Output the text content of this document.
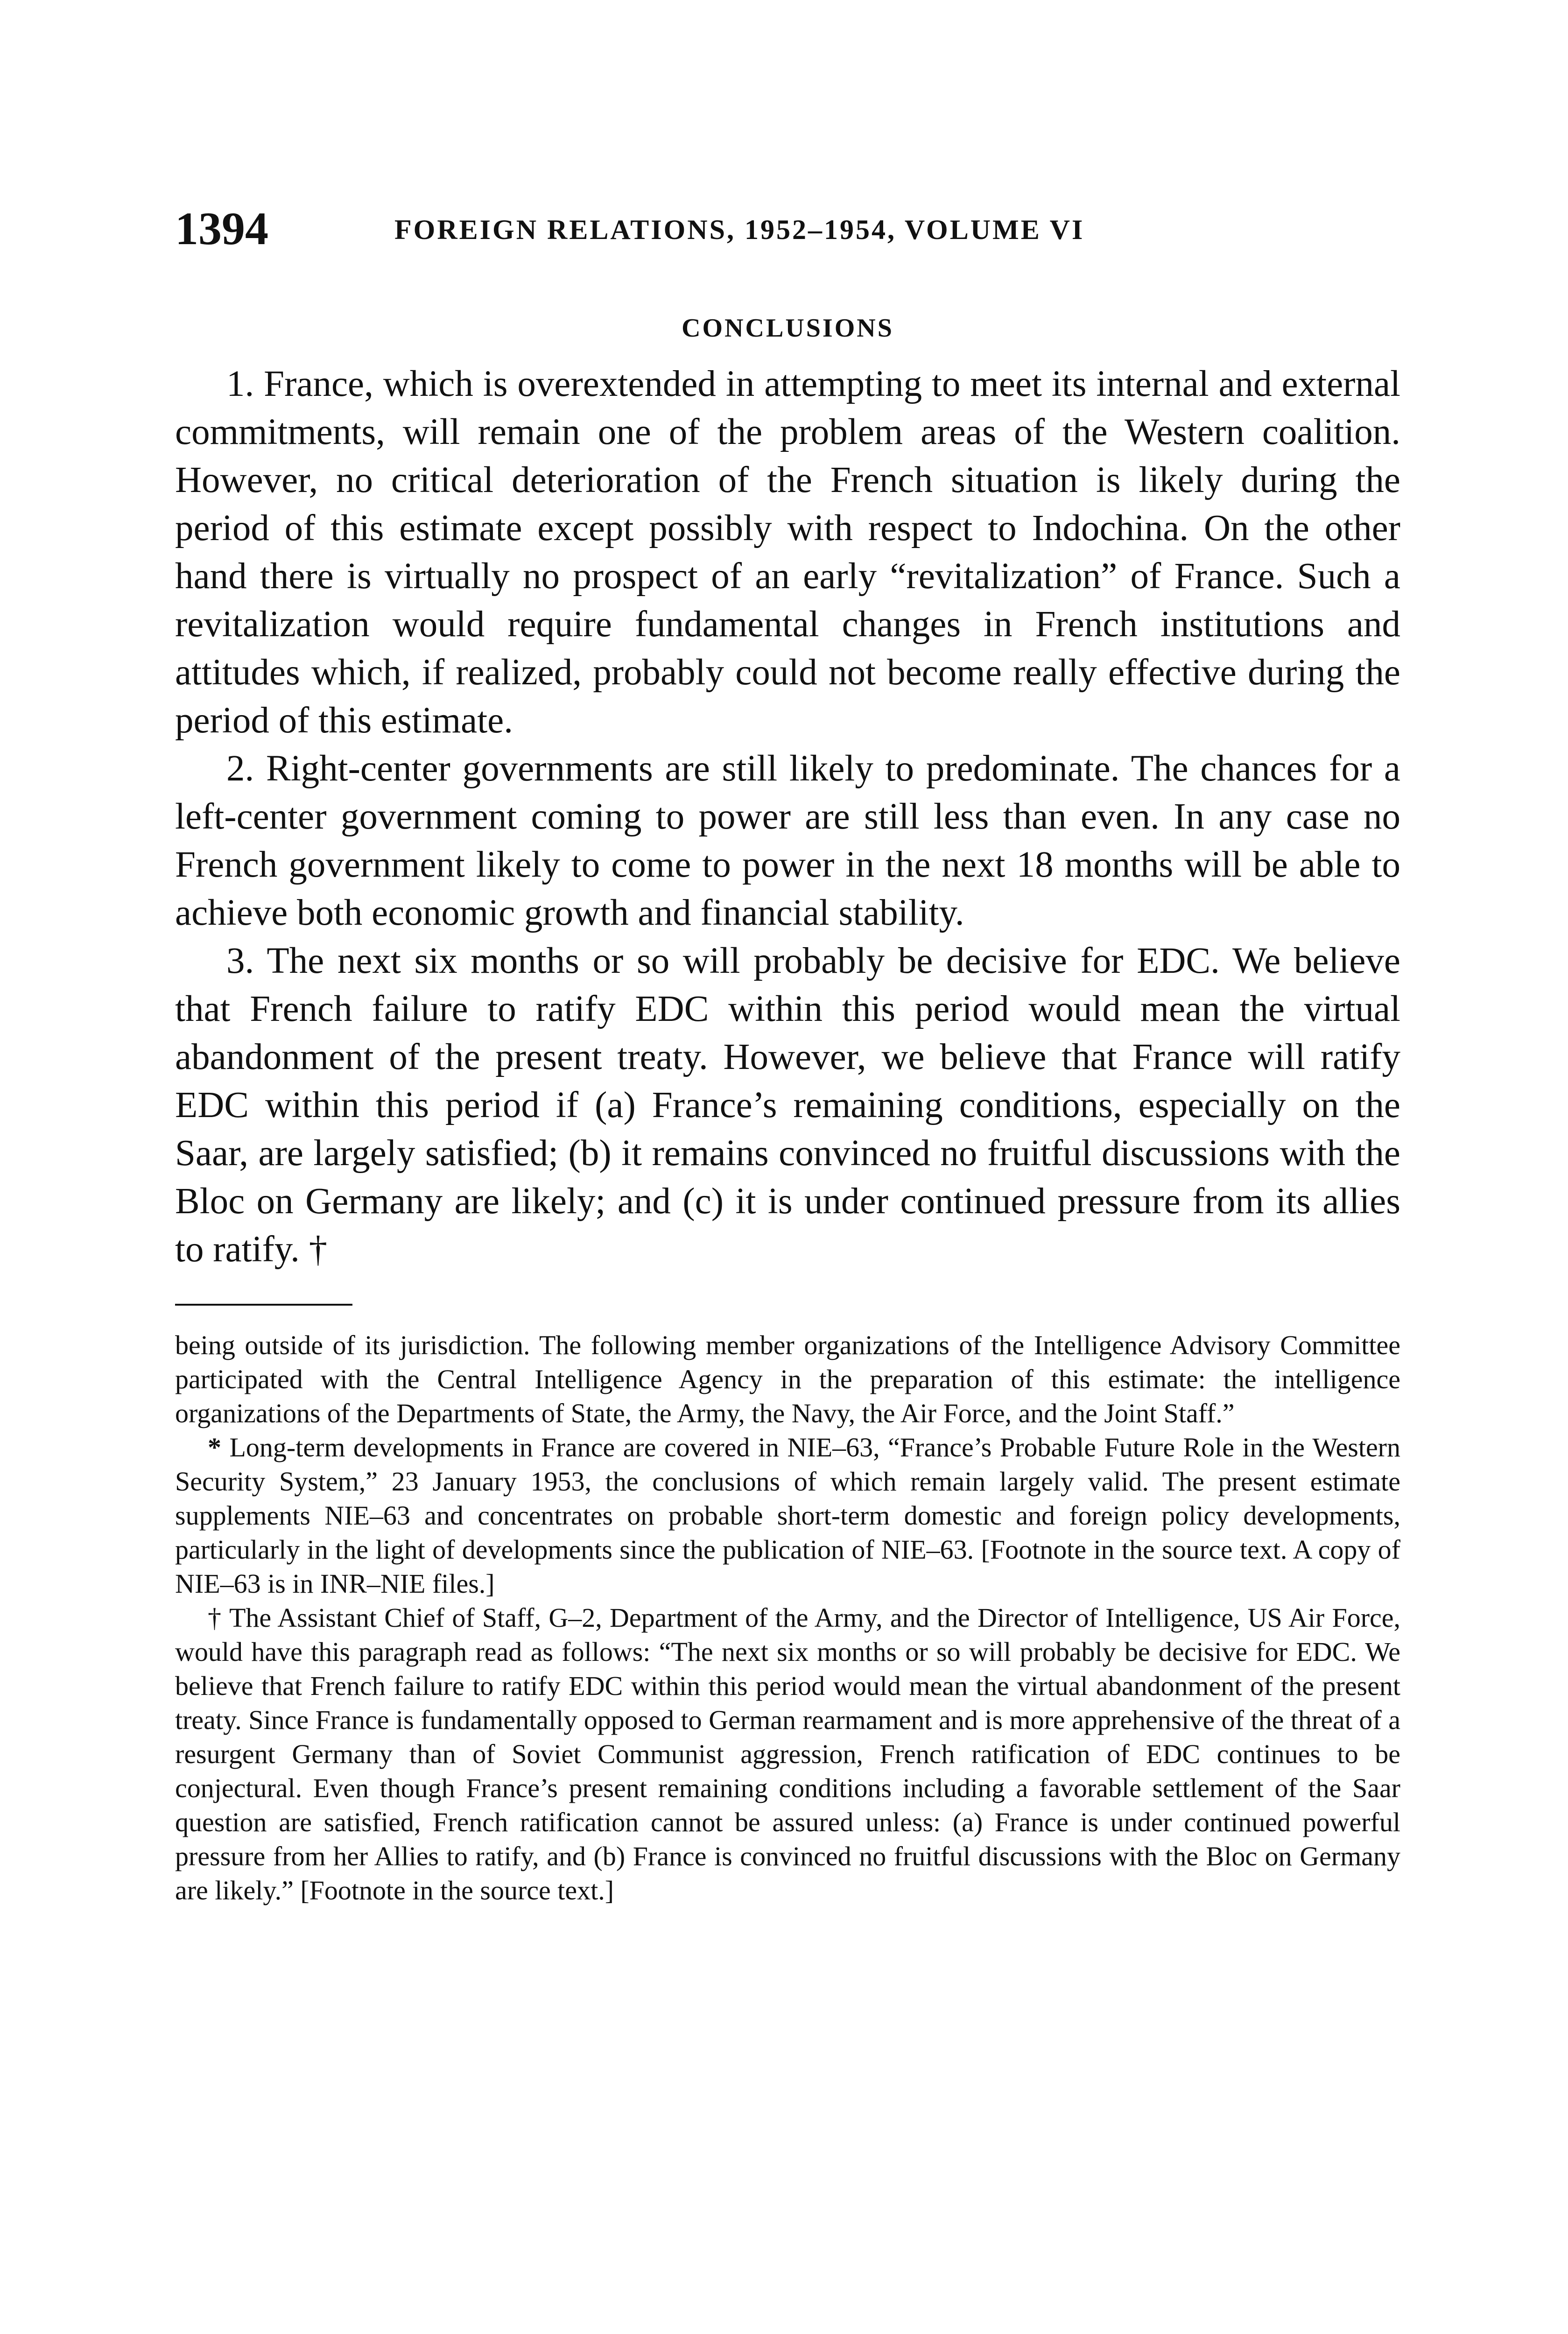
1394	FOREIGN RELATIONS, 1952–1954, VOLUME VI
CONCLUSIONS

1. France, which is overextended in attempting to meet its internal and external commitments, will remain one of the problem areas of the Western coalition. However, no critical deterioration of the French situation is likely during the period of this estimate except possibly with respect to Indochina. On the other hand there is virtually no prospect of an early “revitalization” of France. Such a revitalization would require fundamental changes in French institutions and attitudes which, if realized, probably could not become really effective during the period of this estimate.

2. Right-center governments are still likely to predominate. The chances for a left-center government coming to power are still less than even. In any case no French government likely to come to power in the next 18 months will be able to achieve both economic growth and financial stability.

3. The next six months or so will probably be decisive for EDC. We believe that French failure to ratify EDC within this period would mean the virtual abandonment of the present treaty. However, we believe that France will ratify EDC within this period if (a) France’s remaining conditions, especially on the Saar, are largely satisfied; (b) it remains convinced no fruitful discussions with the Bloc on Germany are likely; and (c) it is under continued pressure from its allies to ratify. †

being outside of its jurisdiction. The following member organizations of the Intelligence Advisory Committee participated with the Central Intelligence Agency in the preparation of this estimate: the intelligence organizations of the Departments of State, the Army, the Navy, the Air Force, and the Joint Staff.”

* Long-term developments in France are covered in NIE–63, “France’s Probable Future Role in the Western Security System,” 23 January 1953, the conclusions of which remain largely valid. The present estimate supplements NIE–63 and concentrates on probable short-term domestic and foreign policy developments, particularly in the light of developments since the publication of NIE–63. [Footnote in the source text. A copy of NIE–63 is in INR–NIE files.]

† The Assistant Chief of Staff, G–2, Department of the Army, and the Director of Intelligence, US Air Force, would have this paragraph read as follows: “The next six months or so will probably be decisive for EDC. We believe that French failure to ratify EDC within this period would mean the virtual abandonment of the present treaty. Since France is fundamentally opposed to German rearmament and is more apprehensive of the threat of a resurgent Germany than of Soviet Communist aggression, French ratification of EDC continues to be conjectural. Even though France’s present remaining conditions including a favorable settlement of the Saar question are satisfied, French ratification cannot be assured unless: (a) France is under continued powerful pressure from her Allies to ratify, and (b) France is convinced no fruitful discussions with the Bloc on Germany are likely.” [Footnote in the source text.]
